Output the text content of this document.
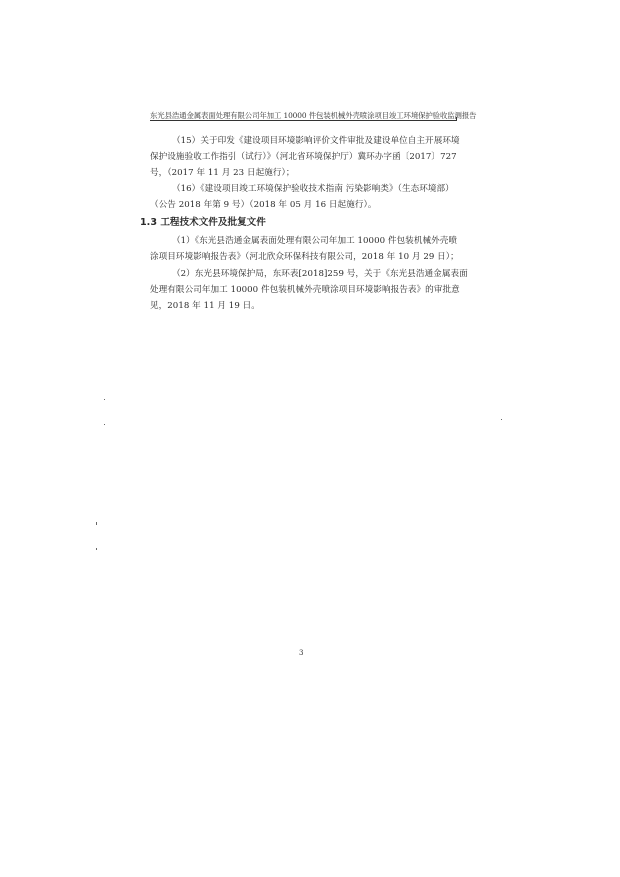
东光县浩通金属表面处理有限公司年加工 10000 件包装机械外壳喷涂项目竣工环境保护验收监测报告
（15）关于印发《建设项目环境影响评价文件审批及建设单位自主开展环境
保护设施验收工作指引（试行）》（河北省环境保护厅）冀环办字函〔2017〕727
号，（2017 年 11 月 23 日起施行）；
（16）《建设项目竣工环境保护验收技术指南 污染影响类》（生态环境部）
（公告 2018 年第 9 号）（2018 年 05 月 16 日起施行）。
1.3 工程技术文件及批复文件
（1）《东光县浩通金属表面处理有限公司年加工 10000 件包装机械外壳喷
涂项目环境影响报告表》（河北欣众环保科技有限公司，2018 年 10 月 29 日）；
（2）东光县环境保护局，东环表[2018]259 号，关于《东光县浩通金属表面
处理有限公司年加工 10000 件包装机械外壳喷涂项目环境影响报告表》的审批意
见，2018 年 11 月 19 日。
3
